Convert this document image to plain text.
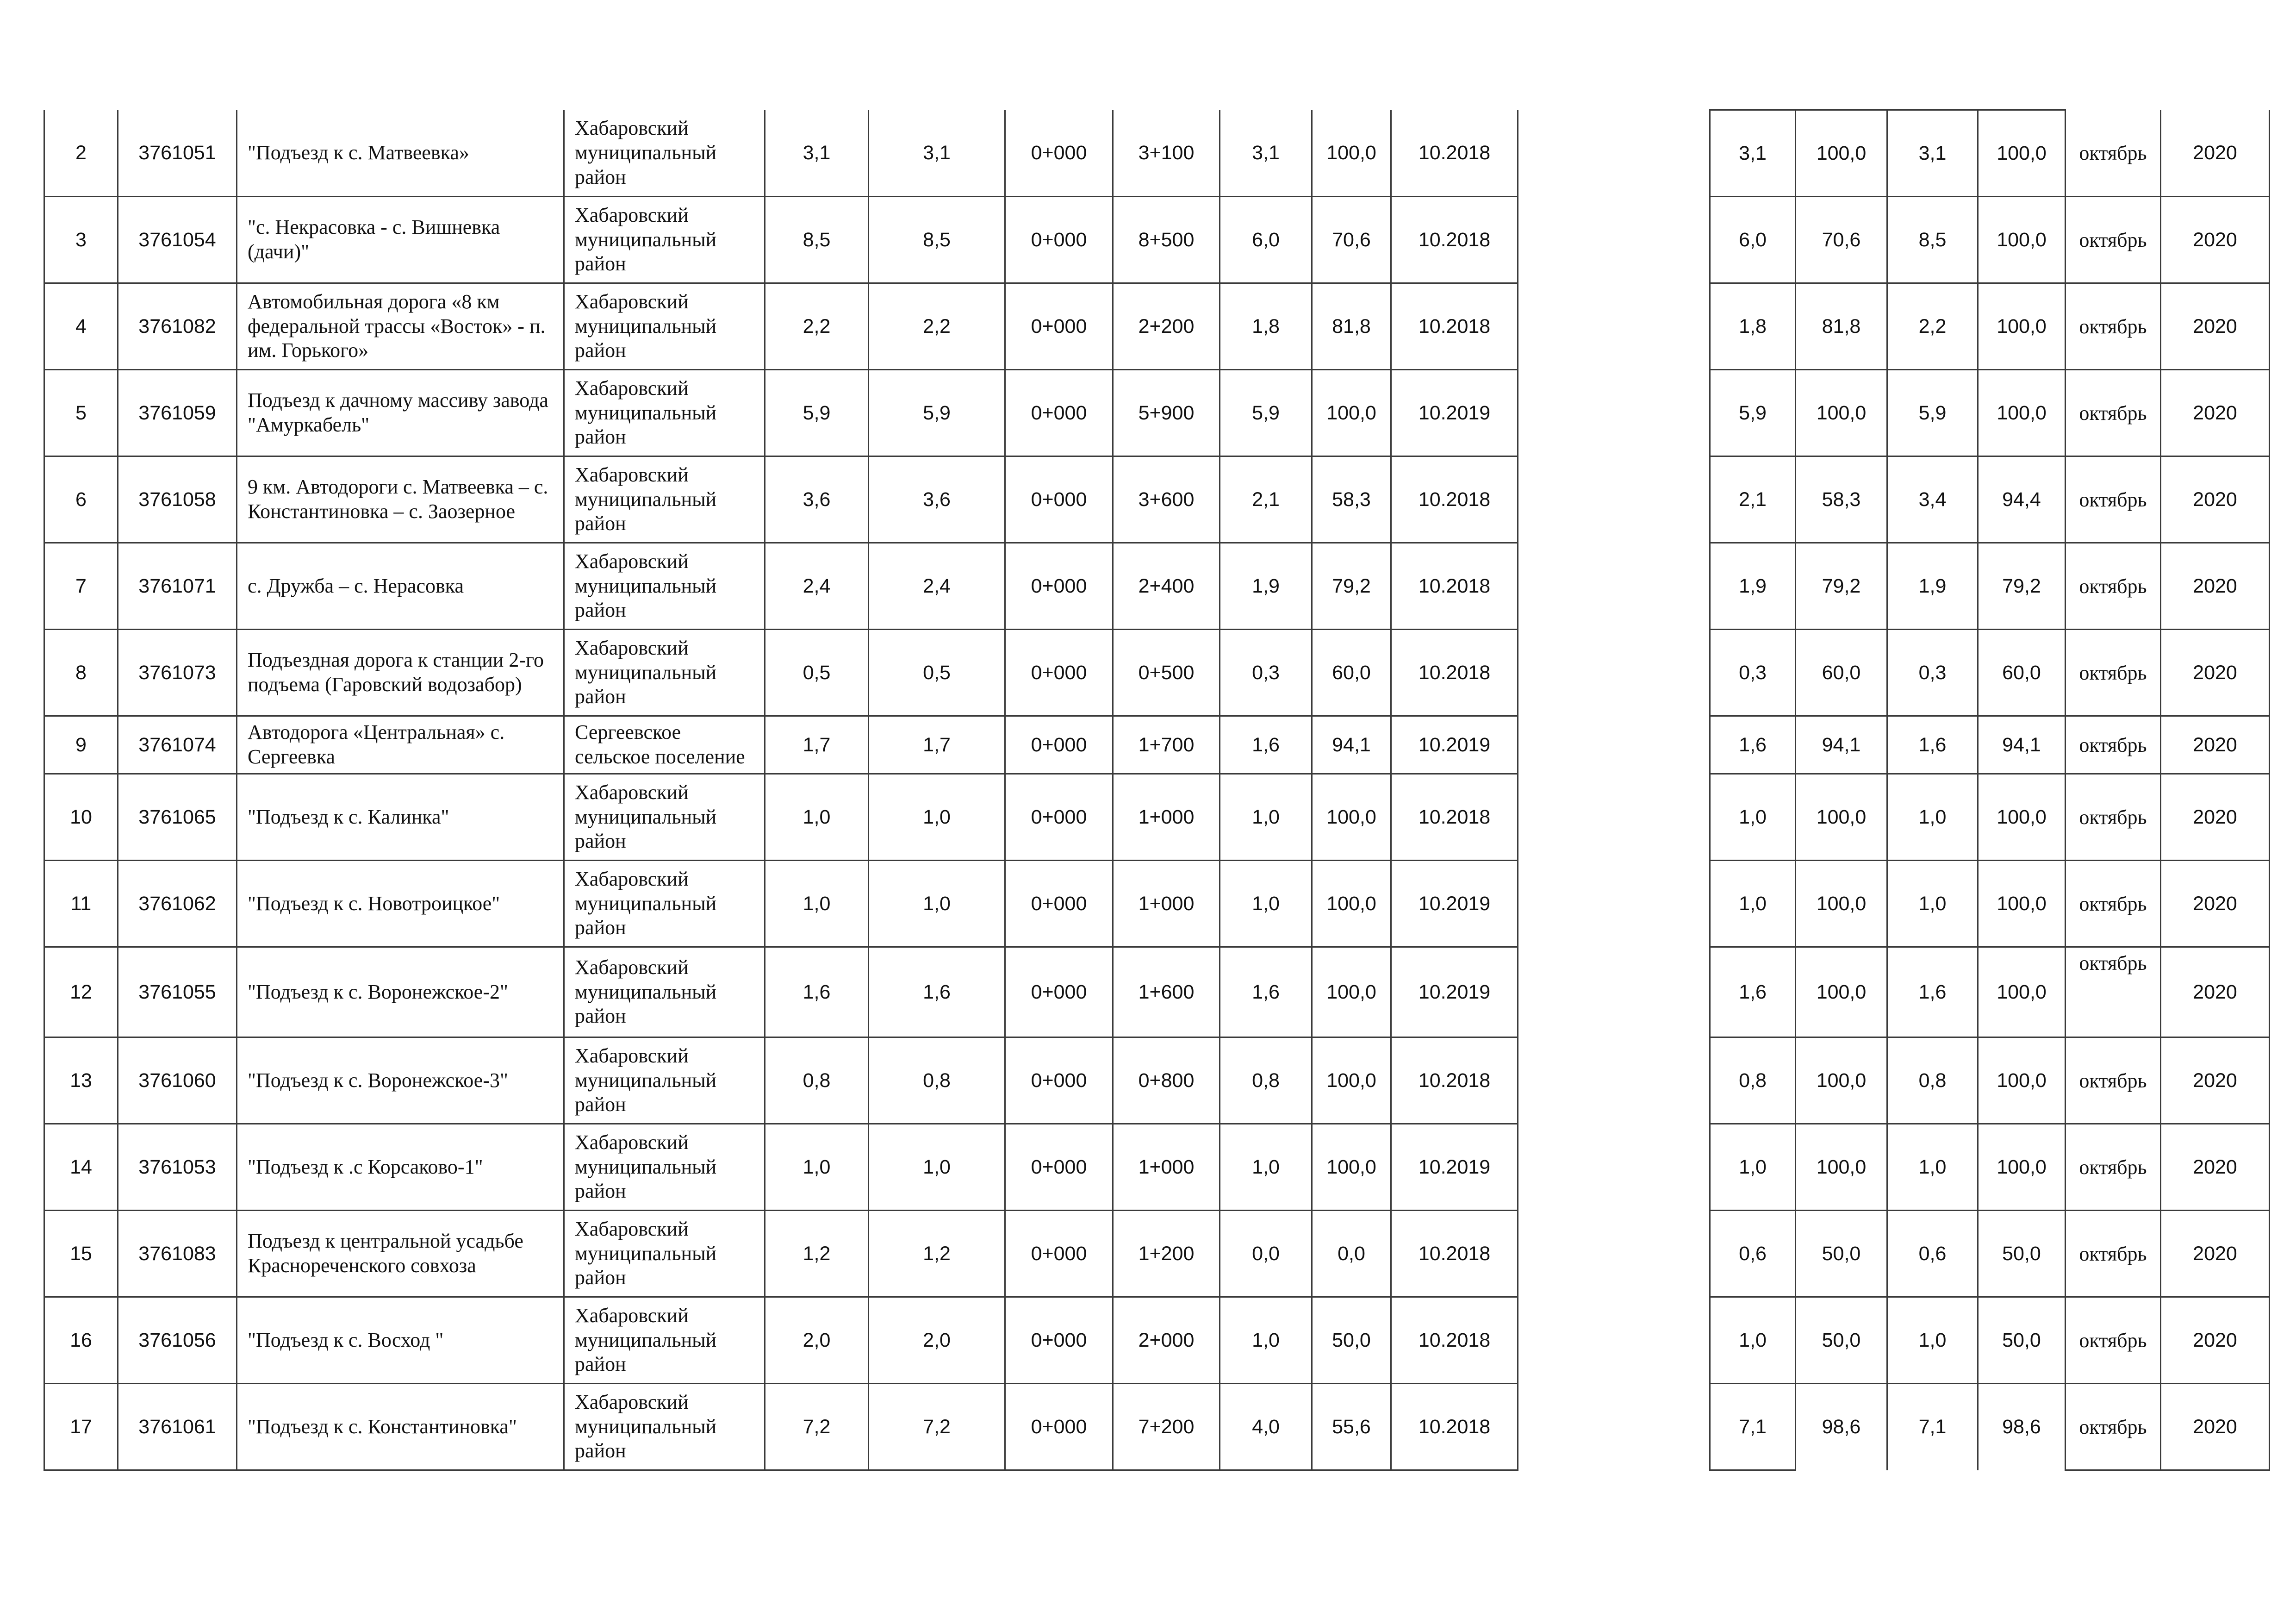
2	3761051	"Подъезд к с. Матвеевка»	Хабаровский муниципальный район	3,1	3,1	0+000	3+100	3,1	100,0	10.2018			3,1	100,0	3,1	100,0	октябрь	2020
3	3761054	"с. Некрасовка - с. Вишневка (дачи)"	Хабаровский муниципальный район	8,5	8,5	0+000	8+500	6,0	70,6	10.2018			6,0	70,6	8,5	100,0	октябрь	2020
4	3761082	Автомобильная дорога «8 км федеральной трассы «Восток» - п. им. Горького»	Хабаровский муниципальный район	2,2	2,2	0+000	2+200	1,8	81,8	10.2018			1,8	81,8	2,2	100,0	октябрь	2020
5	3761059	Подъезд к дачному массиву завода "Амуркабель"	Хабаровский муниципальный район	5,9	5,9	0+000	5+900	5,9	100,0	10.2019			5,9	100,0	5,9	100,0	октябрь	2020
6	3761058	9 км. Автодороги с. Матвеевка – с. Константиновка – с. Заозерное	Хабаровский муниципальный район	3,6	3,6	0+000	3+600	2,1	58,3	10.2018			2,1	58,3	3,4	94,4	октябрь	2020
7	3761071	с. Дружба – с. Нерасовка	Хабаровский муниципальный район	2,4	2,4	0+000	2+400	1,9	79,2	10.2018			1,9	79,2	1,9	79,2	октябрь	2020
8	3761073	Подъездная дорога к станции 2-го подъема (Гаровский водозабор)	Хабаровский муниципальный район	0,5	0,5	0+000	0+500	0,3	60,0	10.2018			0,3	60,0	0,3	60,0	октябрь	2020
9	3761074	Автодорога «Центральная» с. Сергеевка	Сергеевское сельское поселение	1,7	1,7	0+000	1+700	1,6	94,1	10.2019			1,6	94,1	1,6	94,1	октябрь	2020
10	3761065	"Подъезд к с. Калинка"	Хабаровский муниципальный район	1,0	1,0	0+000	1+000	1,0	100,0	10.2018			1,0	100,0	1,0	100,0	октябрь	2020
11	3761062	"Подъезд к с. Новотроицкое"	Хабаровский муниципальный район	1,0	1,0	0+000	1+000	1,0	100,0	10.2019			1,0	100,0	1,0	100,0	октябрь	2020
12	3761055	"Подъезд к с. Воронежское-2"	Хабаровский муниципальный район	1,6	1,6	0+000	1+600	1,6	100,0	10.2019			1,6	100,0	1,6	100,0	октябрь	2020
13	3761060	"Подъезд к с. Воронежское-3"	Хабаровский муниципальный район	0,8	0,8	0+000	0+800	0,8	100,0	10.2018			0,8	100,0	0,8	100,0	октябрь	2020
14	3761053	"Подъезд к .с Корсаково-1"	Хабаровский муниципальный район	1,0	1,0	0+000	1+000	1,0	100,0	10.2019			1,0	100,0	1,0	100,0	октябрь	2020
15	3761083	Подъезд к центральной усадьбе Краснореченского совхоза	Хабаровский муниципальный район	1,2	1,2	0+000	1+200	0,0	0,0	10.2018			0,6	50,0	0,6	50,0	октябрь	2020
16	3761056	"Подъезд к с. Восход "	Хабаровский муниципальный район	2,0	2,0	0+000	2+000	1,0	50,0	10.2018			1,0	50,0	1,0	50,0	октябрь	2020
17	3761061	"Подъезд к с. Константиновка"	Хабаровский муниципальный район	7,2	7,2	0+000	7+200	4,0	55,6	10.2018			7,1	98,6	7,1	98,6	октябрь	2020
